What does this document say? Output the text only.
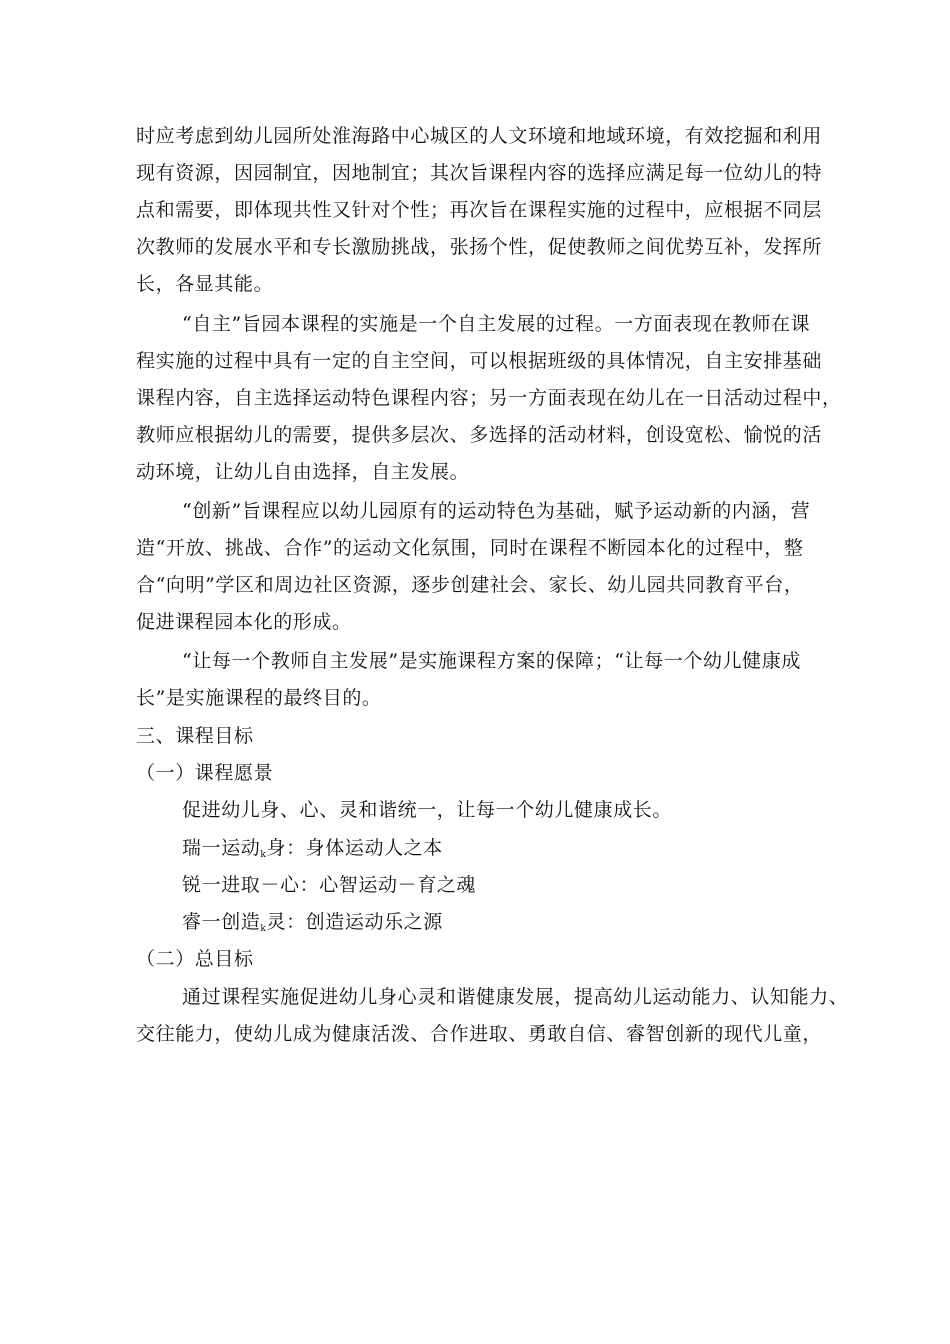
时应考虑到幼儿园所处淮海路中心城区的人文环境和地域环境，有效挖掘和利用
现有资源，因园制宜，因地制宜；其次旨课程内容的选择应满足每一位幼儿的特
点和需要，即体现共性又针对个性；再次旨在课程实施的过程中，应根据不同层
次教师的发展水平和专长激励挑战，张扬个性，促使教师之间优势互补，发挥所
长，各显其能。
“自主”旨园本课程的实施是一个自主发展的过程。一方面表现在教师在课
程实施的过程中具有一定的自主空间，可以根据班级的具体情况，自主安排基础
课程内容，自主选择运动特色课程内容；另一方面表现在幼儿在一日活动过程中，
教师应根据幼儿的需要，提供多层次、多选择的活动材料，创设宽松、愉悦的活
动环境，让幼儿自由选择，自主发展。
“创新”旨课程应以幼儿园原有的运动特色为基础，赋予运动新的内涵，营
造“开放、挑战、合作”的运动文化氛围，同时在课程不断园本化的过程中，整
合“向明”学区和周边社区资源，逐步创建社会、家长、幼儿园共同教育平台，
促进课程园本化的形成。
“让每一个教师自主发展”是实施课程方案的保障；“让每一个幼儿健康成
长”是实施课程的最终目的。
三、课程目标
（一）课程愿景
促进幼儿身、心、灵和谐统一，让每一个幼儿健康成长。
瑞一运动k身：身体运动人之本
锐一进取－心：心智运动－育之魂
睿一创造k灵：创造运动乐之源
（二）总目标
通过课程实施促进幼儿身心灵和谐健康发展，提高幼儿运动能力、认知能力、
交往能力，使幼儿成为健康活泼、合作进取、勇敢自信、睿智创新的现代儿童，
